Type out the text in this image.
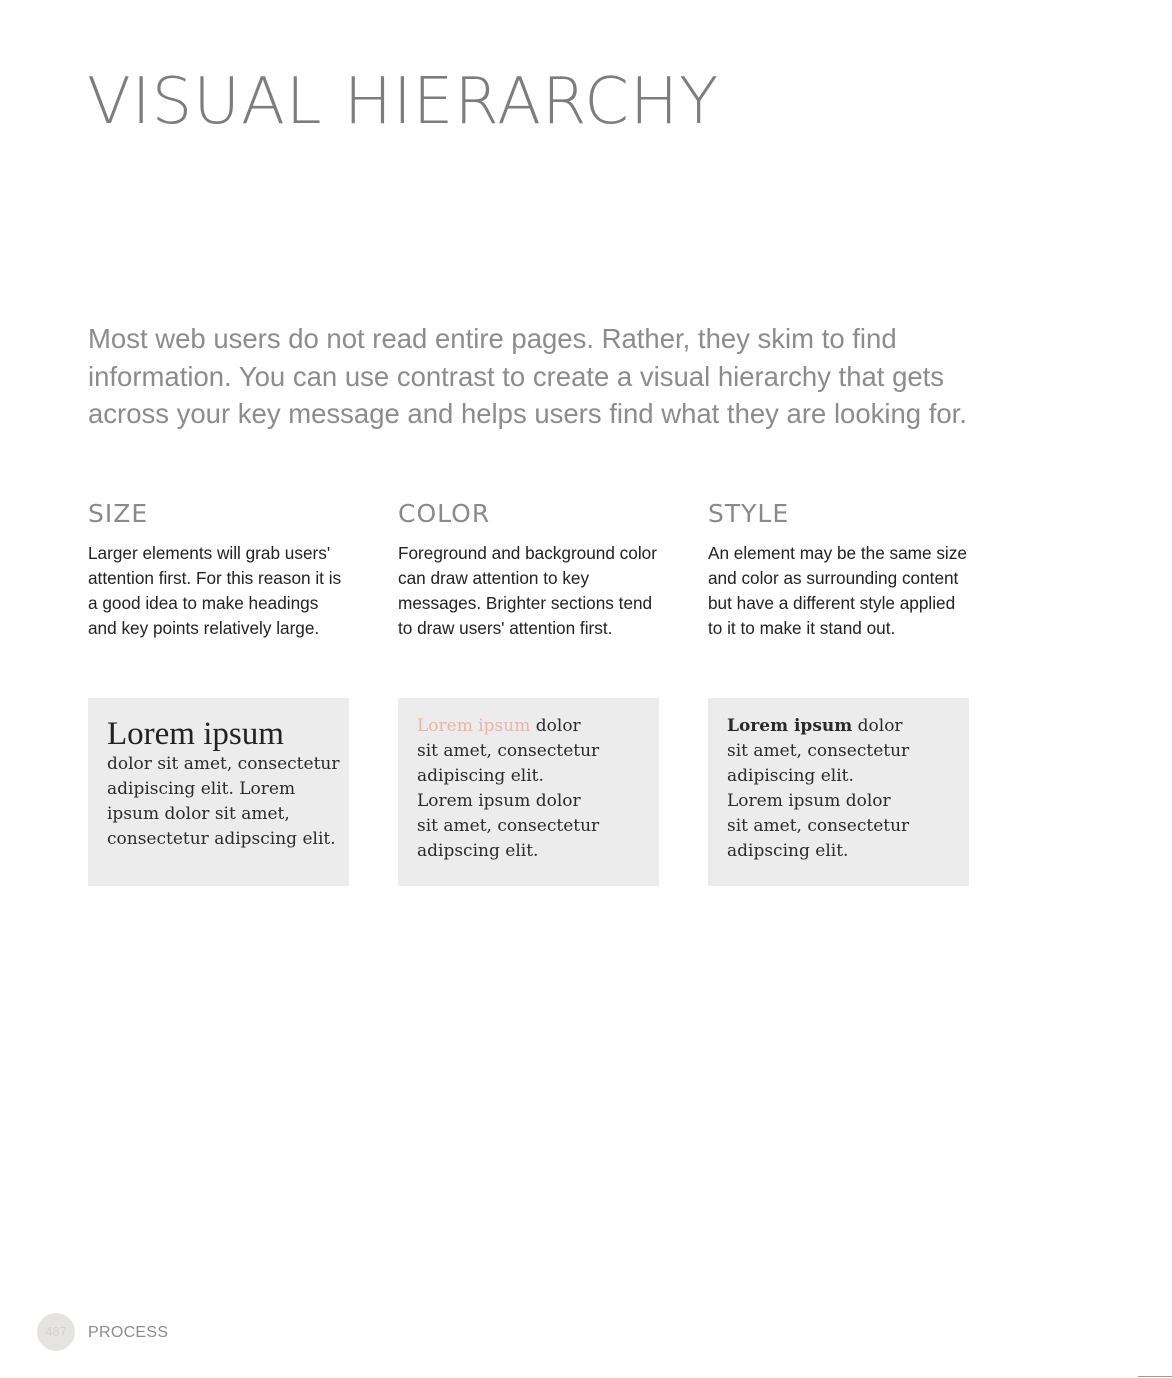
VISUAL HIERARCHY

Most web users do not read entire pages. Rather, they skim to find information. You can use contrast to create a visual hierarchy that gets across your key message and helps users find what they are looking for.

SIZE

Larger elements will grab users' attention first. For this reason it is a good idea to make headings and key points relatively large.

COLOR

Foreground and background color can draw attention to key messages. Brighter sections tend to draw users' attention first.

STYLE

An element may be the same size and color as surrounding content but have a different style applied to it to make it stand out.

Lorem ipsum
dolor sit amet, consectetur
adipiscing elit. Lorem
ipsum dolor sit amet,
consectetur adipscing elit.
Lorem ipsum dolor
sit amet, consectetur
adipiscing elit.
Lorem ipsum dolor
sit amet, consectetur
adipscing elit.
Lorem ipsum dolor
sit amet, consectetur
adipiscing elit.
Lorem ipsum dolor
sit amet, consectetur
adipscing elit.
487	PROCESS
